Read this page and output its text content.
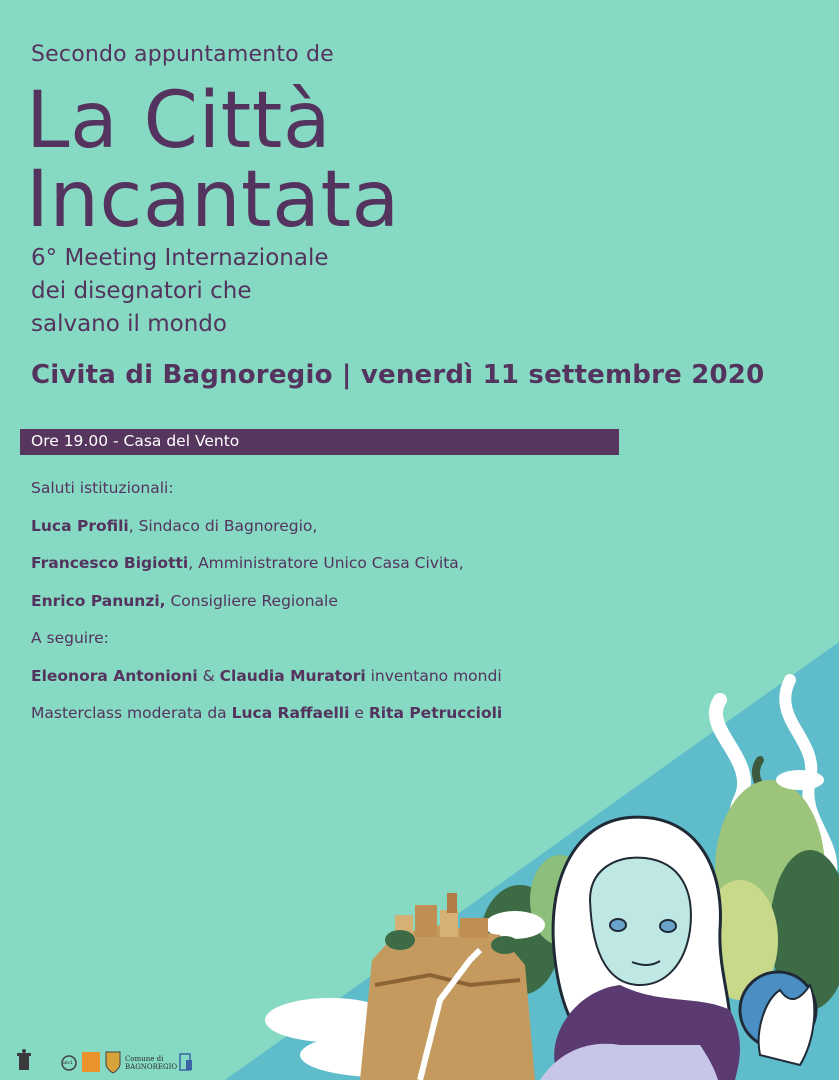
Secondo appuntamento de
La Città
Incantata
6° Meeting Internazionale
dei disegnatori che
salvano il mondo
Civita di Bagnoregio | venerdì 11 settembre 2020
Ore 19.00 - Casa del Vento
Saluti istituzionali:
Luca Profili, Sindaco di Bagnoregio,
Francesco Bigiotti, Amministratore Unico Casa Civita,
Enrico Panunzi, Consigliere Regionale
A seguire:
Eleonora Antonioni & Claudia Muratori inventano mondi
Masterclass moderata da Luca Raffaelli e Rita Petruccioli
atcl	Comune di
BAGNOREGIO
